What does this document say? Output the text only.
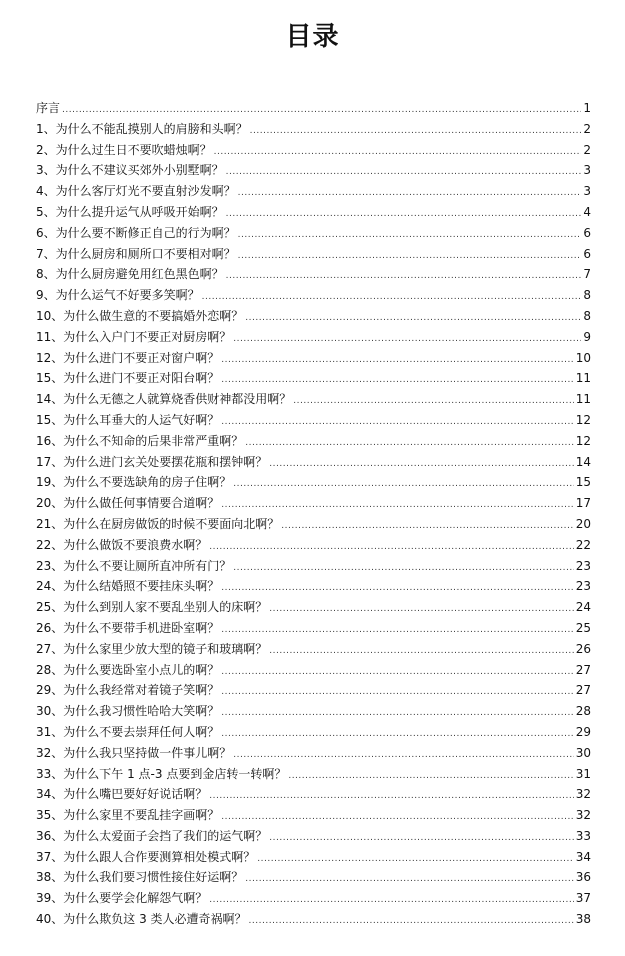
目录
序言 .....	1
1、为什么不能乱摸别人的肩膀和头啊？ .....	2
2、为什么过生日不要吹蜡烛啊？ .....	2
3、为什么不建议买郊外小别墅啊？ .....	3
4、为什么客厅灯光不要直射沙发啊？ .....	3
5、为什么提升运气从呼吸开始啊？ .....	4
6、为什么要不断修正自己的行为啊？ .....	6
7、为什么厨房和厕所口不要相对啊？ .....	6
8、为什么厨房避免用红色黑色啊？ .....	7
9、为什么运气不好要多笑啊？ .....	8
10、为什么做生意的不要搞婚外恋啊？ .....	8
11、为什么入户门不要正对厨房啊？ .....	9
12、为什么进门不要正对窗户啊？ .....	10
15、为什么进门不要正对阳台啊？ .....	11
14、为什么无德之人就算烧香供财神都没用啊？ .....	11
15、为什么耳垂大的人运气好啊？ .....	12
16、为什么不知命的后果非常严重啊？ .....	12
17、为什么进门玄关处要摆花瓶和摆钟啊？ .....	14
19、为什么不要选缺角的房子住啊？ .....	15
20、为什么做任何事情要合道啊？ .....	17
21、为什么在厨房做饭的时候不要面向北啊？ .....	20
22、为什么做饭不要浪费水啊？ .....	22
23、为什么不要让厕所直冲所有门？ .....	23
24、为什么结婚照不要挂床头啊？ .....	23
25、为什么到别人家不要乱坐别人的床啊？ .....	24
26、为什么不要带手机进卧室啊？ .....	25
27、为什么家里少放大型的镜子和玻璃啊？ .....	26
28、为什么要选卧室小点儿的啊？ .....	27
29、为什么我经常对着镜子笑啊？ .....	27
30、为什么我习惯性哈哈大笑啊？ .....	28
31、为什么不要去崇拜任何人啊？ .....	29
32、为什么我只坚持做一件事儿啊？ .....	30
33、为什么下午 1 点-3 点要到金店转一转啊？ .....	31
34、为什么嘴巴要好好说话啊？ .....	32
35、为什么家里不要乱挂字画啊？ .....	32
36、为什么太爱面子会挡了我们的运气啊？ .....	33
37、为什么跟人合作要测算相处模式啊？ .....	34
38、为什么我们要习惯性接住好运啊？ .....	36
39、为什么要学会化解怨气啊？ .....	37
40、为什么欺负这 3 类人必遭奇祸啊？ .....	38
